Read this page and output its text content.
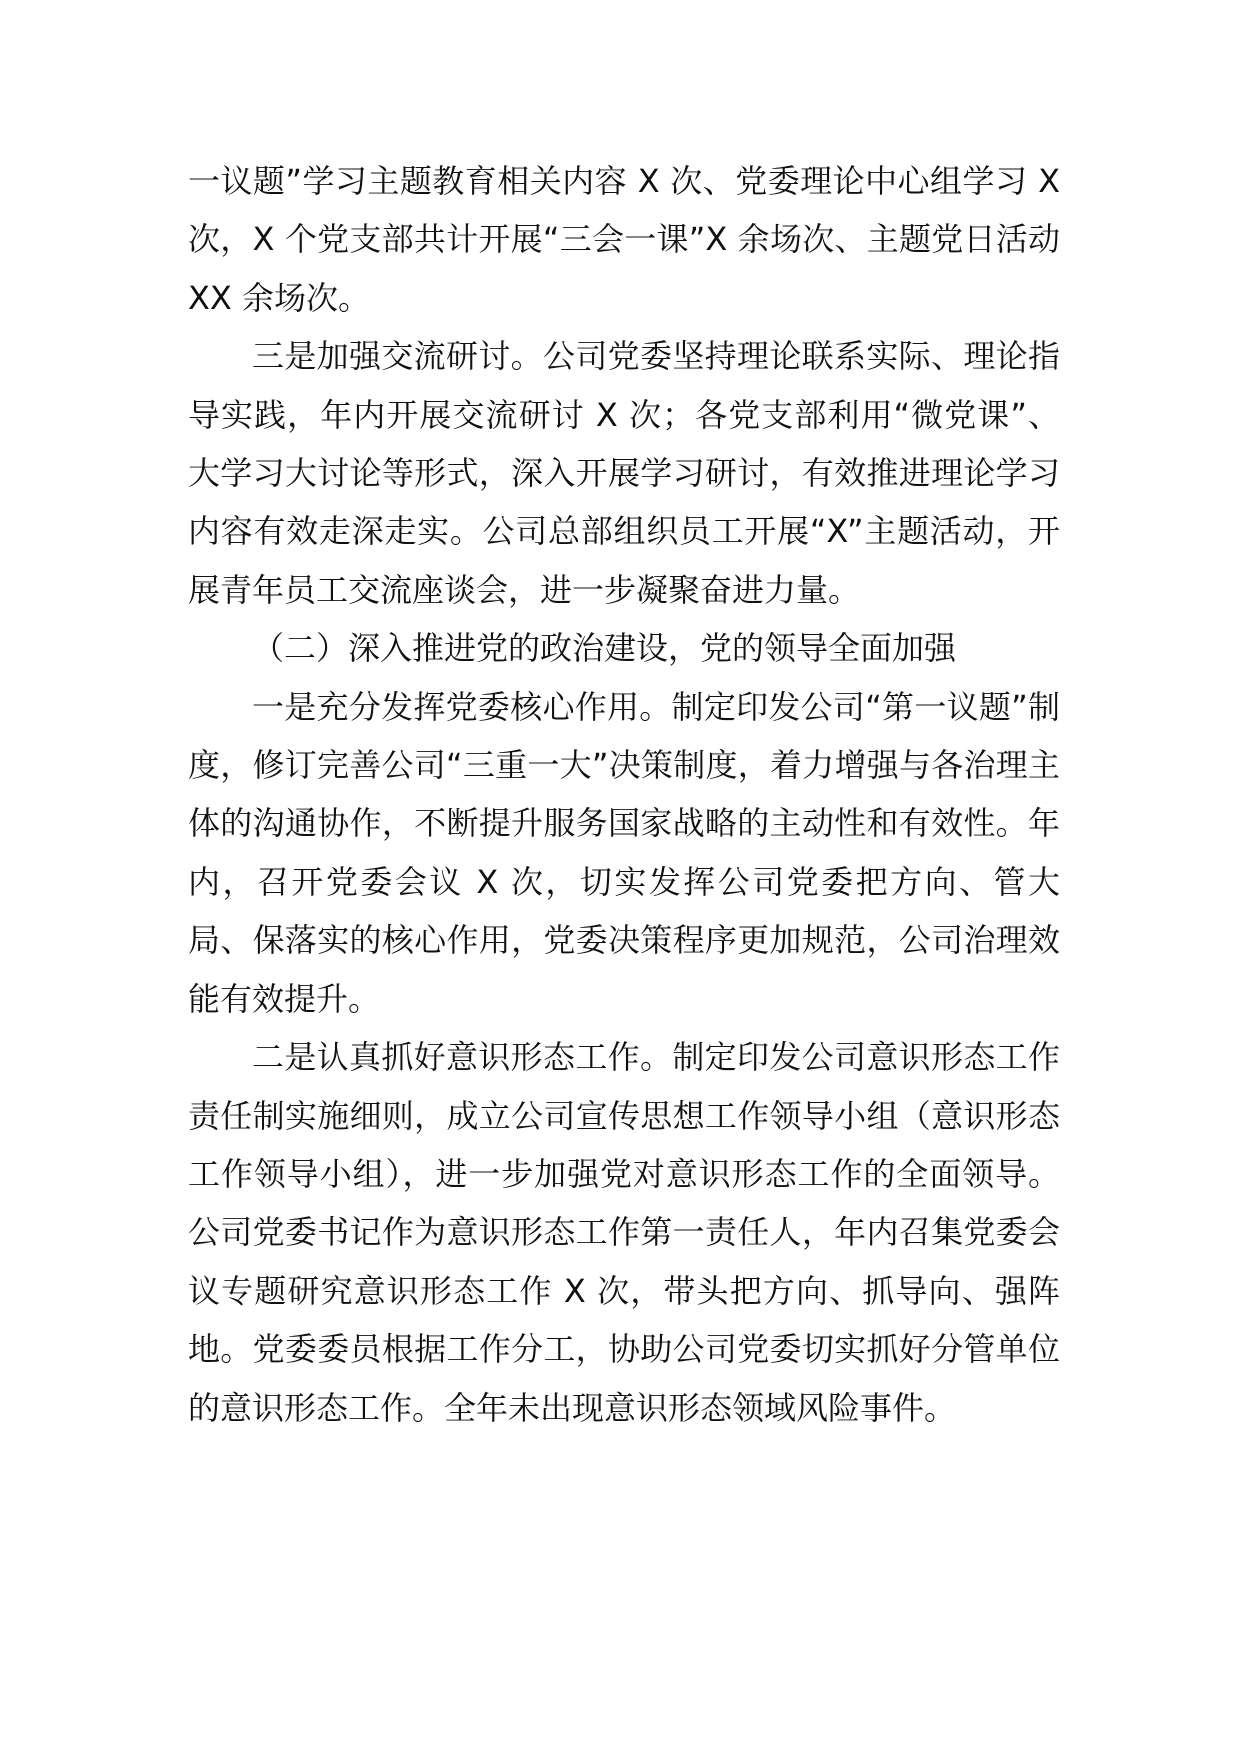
一议题”学习主题教育相关内容 X 次、党委理论中心组学习 X 次，X 个党支部共计开展“三会一课”X 余场次、主题党日活动 XX 余场次。

三是加强交流研讨。公司党委坚持理论联系实际、理论指导实践，年内开展交流研讨 X 次；各党支部利用“微党课”、大学习大讨论等形式，深入开展学习研讨，有效推进理论学习内容有效走深走实。公司总部组织员工开展“X”主题活动，开展青年员工交流座谈会，进一步凝聚奋进力量。

（二）深入推进党的政治建设，党的领导全面加强

一是充分发挥党委核心作用。制定印发公司“第一议题”制度，修订完善公司“三重一大”决策制度，着力增强与各治理主体的沟通协作，不断提升服务国家战略的主动性和有效性。年内，召开党委会议 X 次，切实发挥公司党委把方向、管大局、保落实的核心作用，党委决策程序更加规范，公司治理效能有效提升。

二是认真抓好意识形态工作。制定印发公司意识形态工作责任制实施细则，成立公司宣传思想工作领导小组（意识形态工作领导小组），进一步加强党对意识形态工作的全面领导。公司党委书记作为意识形态工作第一责任人，年内召集党委会议专题研究意识形态工作 X 次，带头把方向、抓导向、强阵地。党委委员根据工作分工，协助公司党委切实抓好分管单位的意识形态工作。全年未出现意识形态领域风险事件。
